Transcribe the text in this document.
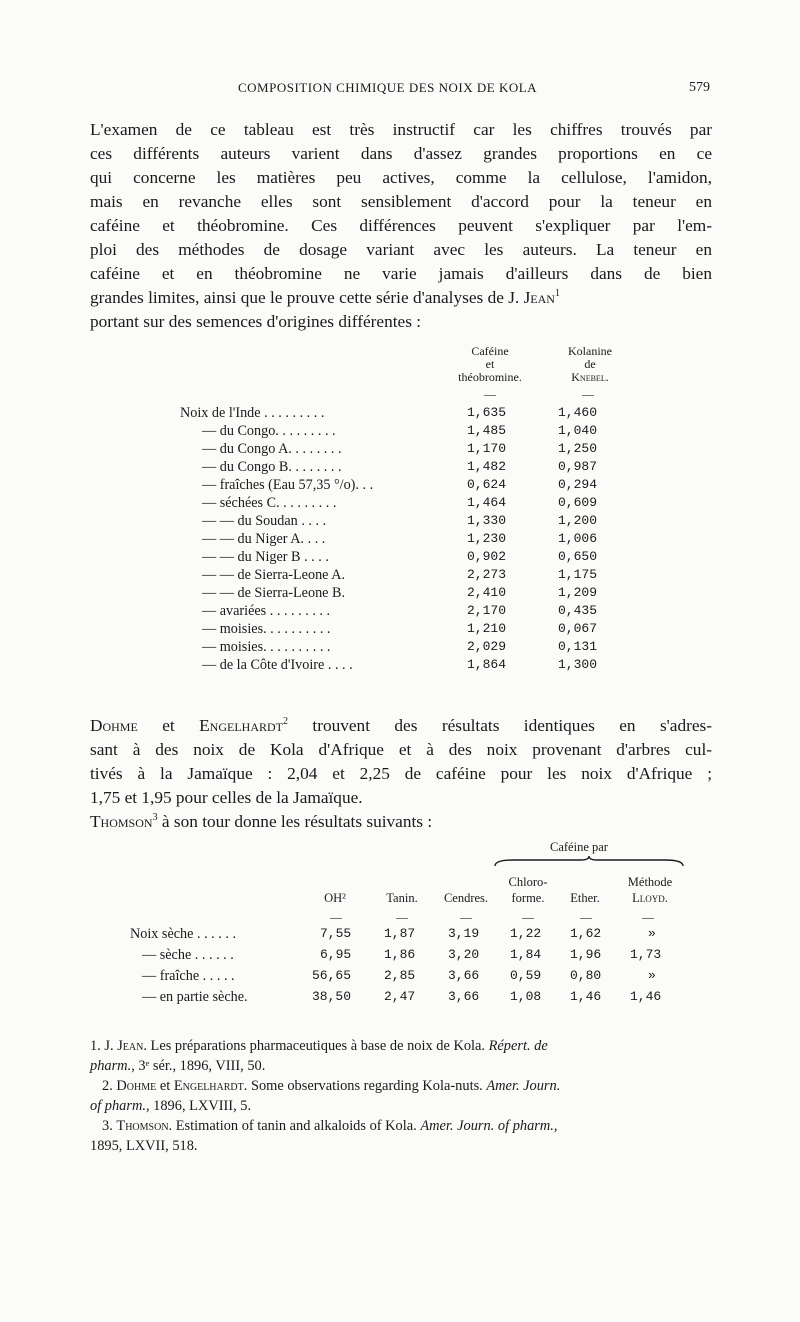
COMPOSITION CHIMIQUE DES NOIX DE KOLA	579
L'examen de ce tableau est très instructif car les chiffres trouvés par
ces différents auteurs varient dans d'assez grandes proportions en ce
qui concerne les matières peu actives, comme la cellulose, l'amidon,
mais en revanche elles sont sensiblement d'accord pour la teneur en
caféine et théobromine. Ces différences peuvent s'expliquer par l'em-
ploi des méthodes de dosage variant avec les auteurs. La teneur en
caféine et en théobromine ne varie jamais d'ailleurs dans de bien
grandes limites, ainsi que le prouve cette série d'analyses de J. Jean$^1$
portant sur des semences d'origines différentes :
Caféine
et
théobromine.
Kolanine
de
Knebel.
—	—
Noix de l'Inde . . . . . . . . .	1,635	1,460
— du Congo. . . . . . . . .	1,485	1,040
— du Congo A. . . . . . . .	1,170	1,250
— du Congo B. . . . . . . .	1,482	0,987
— fraîches (Eau 57,35 °/o). . .	0,624	0,294
— séchées C. . . . . . . . .	1,464	0,609
— — du Soudan . . . .	1,330	1,200
— — du Niger A. . . .	1,230	1,006
— — du Niger B . . . .	0,902	0,650
— — de Sierra-Leone A.	2,273	1,175
— — de Sierra-Leone B.	2,410	1,209
— avariées . . . . . . . . .	2,170	0,435
— moisies. . . . . . . . . .	1,210	0,067
— moisies. . . . . . . . . .	2,029	0,131
— de la Côte d'Ivoire . . . .	1,864	1,300
Dohme et Engelhardt$^2$ trouvent des résultats identiques en s'adres-
sant à des noix de Kola d'Afrique et à des noix provenant d'arbres cul-
tivés à la Jamaïque : 2,04 et 2,25 de caféine pour les noix d'Afrique ;
1,75 et 1,95 pour celles de la Jamaïque.
Thomson$^3$ à son tour donne les résultats suivants :
Caféine par
Chloro-
forme.
OH²	Tanin.	Cendres.	Ether.
Méthode
Lloyd.
—	—	—	—	—	—
Noix sèche . . . . . .	7,55	1,87	3,19 1,22 1,62	»
— sèche . . . . . .	6,95	1,86	3,20 1,84 1,96 1,73
— fraîche . . . . .	56,65	2,85	3,66 0,59 0,80	»
— en partie sèche.	38,50	2,47	3,66 1,08 1,46 1,46
1. J. Jean. Les préparations pharmaceutiques à base de noix de Kola. Répert. de
pharm., 3ᵉ sér., 1896, VIII, 50.
2. Dohme et Engelhardt. Some observations regarding Kola-nuts. Amer. Journ.
of pharm., 1896, LXVIII, 5.
3. Thomson. Estimation of tanin and alkaloids of Kola. Amer. Journ. of pharm.,
1895, LXVII, 518.
